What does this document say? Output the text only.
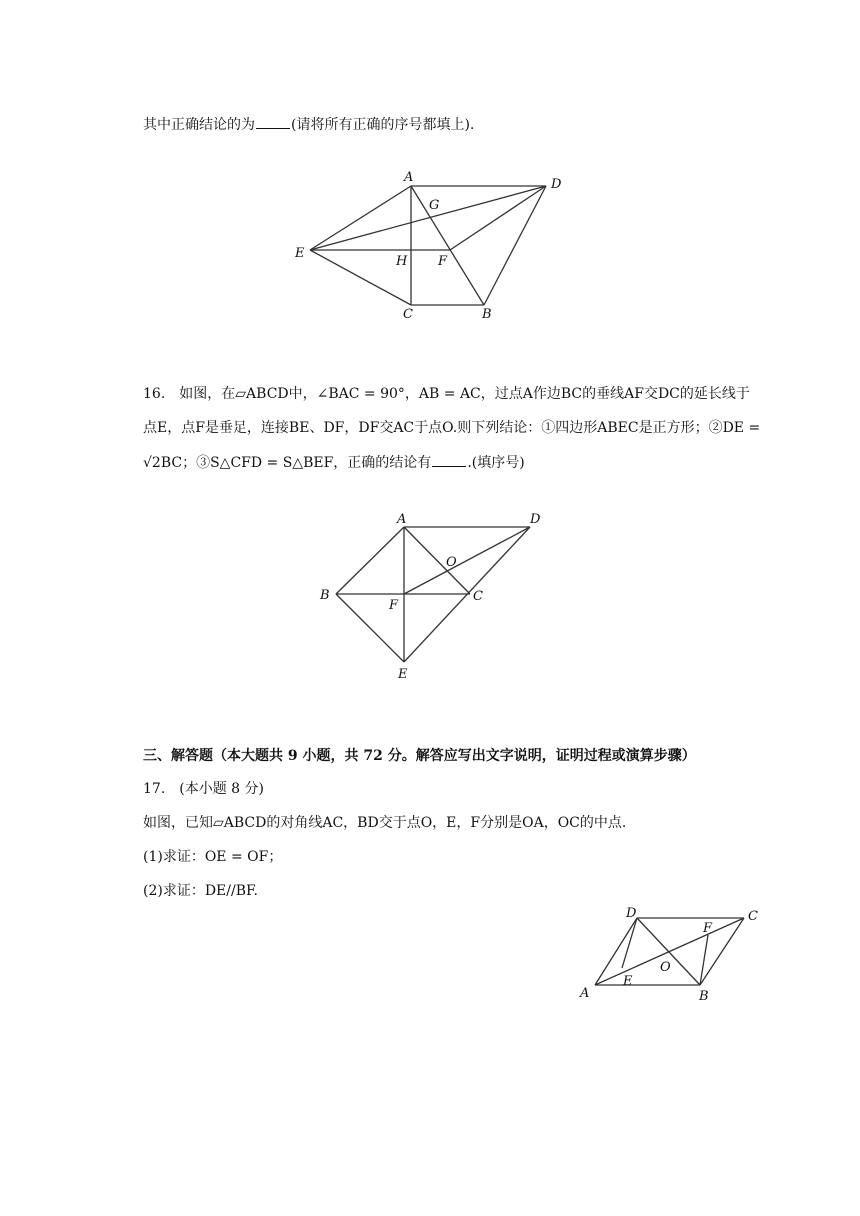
其中正确结论的为	(请将所有正确的序号都填上).
A	D
G
E
H F
C	B
16.　如图，在▱ABCD中，∠BAC = 90°，AB = AC，过点A作边BC的垂线AF交DC的延长线于
点E，点F是垂足，连接BE、DF，DF交AC于点O.则下列结论：①四边形ABEC是正方形；②DE =
√2BC；③S△CFD = S△BEF，正确的结论有	.(填序号)
A	D
O
B
F
C
E
三、解答题（本大题共 9 小题，共 72 分。解答应写出文字说明，证明过程或演算步骤）
17.　(本小题 8 分)
如图，已知▱ABCD的对角线AC，BD交于点O，E，F分别是OA，OC的中点.
(1)求证：OE = OF；
(2)求证：DE//BF.
D	C
F
O
A
E
B
